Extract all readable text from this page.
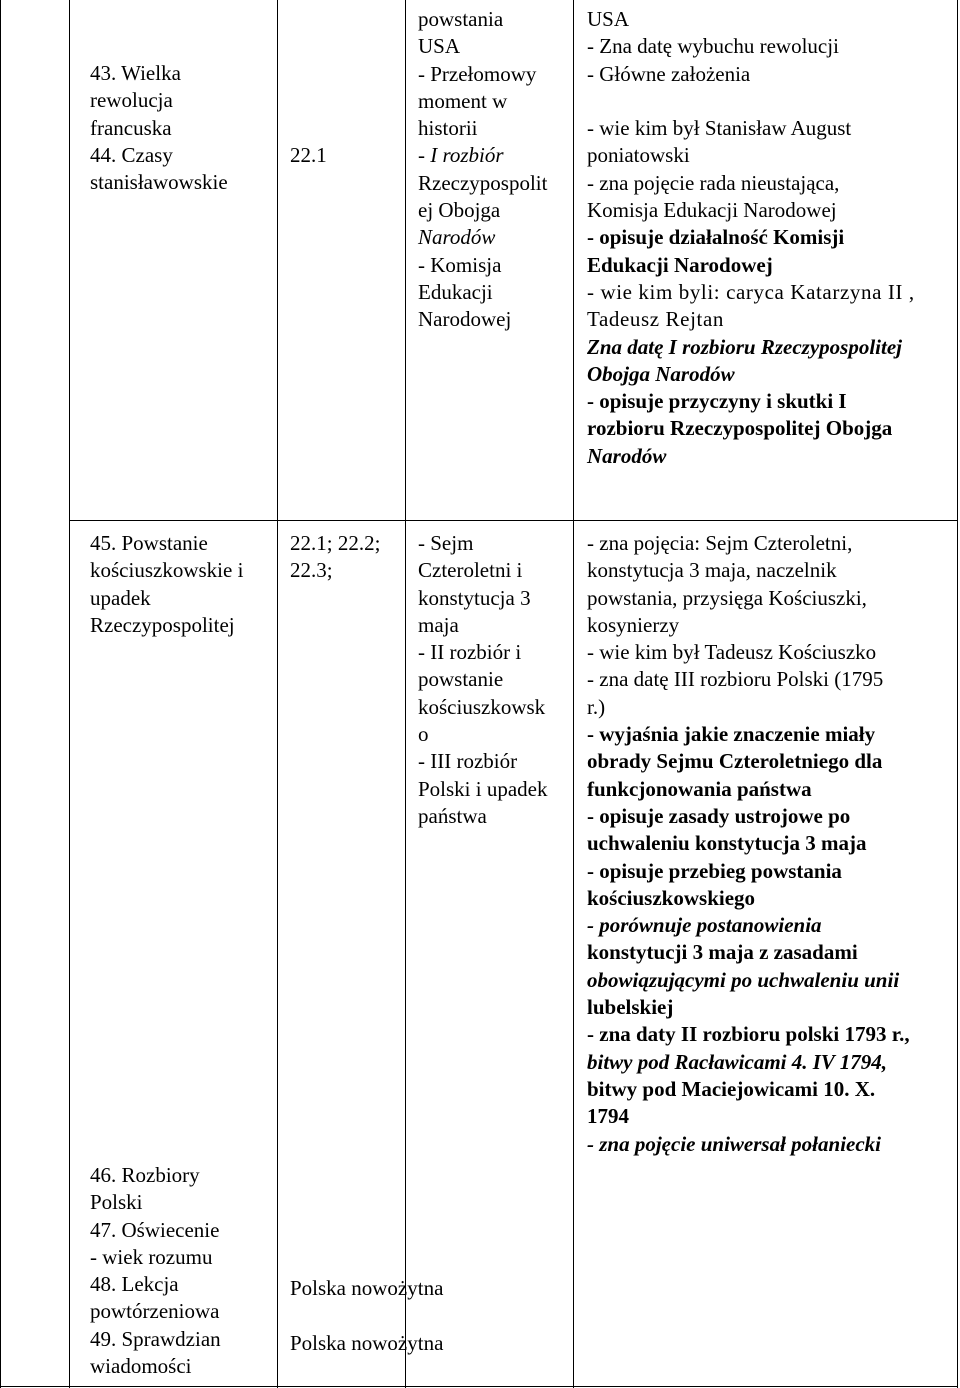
43. Wielka
rewolucja
francuska
44. Czasy
stanisławowskie
22.1
powstania
USA
- Przełomowy
moment w
historii
- I rozbiór
Rzeczypospolit
ej Obojga
Narodów
- Komisja
Edukacji
Narodowej
USA
- Zna datę wybuchu rewolucji
- Główne założenia

- wie kim był Stanisław August
poniatowski
- zna pojęcie rada nieustająca,
Komisja Edukacji Narodowej
- opisuje działalność Komisji
Edukacji Narodowej
- wie kim byli: caryca Katarzyna II ,
Tadeusz Rejtan
Zna datę I rozbioru Rzeczypospolitej
Obojga Narodów
- opisuje przyczyny i skutki I
rozbioru Rzeczypospolitej Obojga
Narodów
45. Powstanie
kościuszkowskie i
upadek
Rzeczypospolitej
22.1; 22.2;
22.3;
- Sejm
Czteroletni i
konstytucja 3
maja
- II rozbiór i
powstanie
kościuszkowsk
o
- III rozbiór
Polski i upadek
państwa
- zna pojęcia: Sejm Czteroletni,
konstytucja 3 maja, naczelnik
powstania, przysięga Kościuszki,
kosynierzy
- wie kim był Tadeusz Kościuszko
- zna datę III rozbioru Polski (1795
r.)
- wyjaśnia jakie znaczenie miały
obrady Sejmu Czteroletniego dla
funkcjonowania państwa
- opisuje zasady ustrojowe po
uchwaleniu konstytucja 3 maja
- opisuje przebieg powstania
kościuszkowskiego
- porównuje postanowienia
konstytucji 3 maja z zasadami
obowiązującymi po uchwaleniu unii
lubelskiej
- zna daty II rozbioru polski 1793 r.,
bitwy pod Racławicami 4. IV 1794,
bitwy pod Maciejowicami 10. X.
1794
- zna pojęcie uniwersał połaniecki
46. Rozbiory
Polski
47. Oświecenie
- wiek rozumu
48. Lekcja
powtórzeniowa
49. Sprawdzian
wiadomości
Polska nowożytna
Polska nowożytna
